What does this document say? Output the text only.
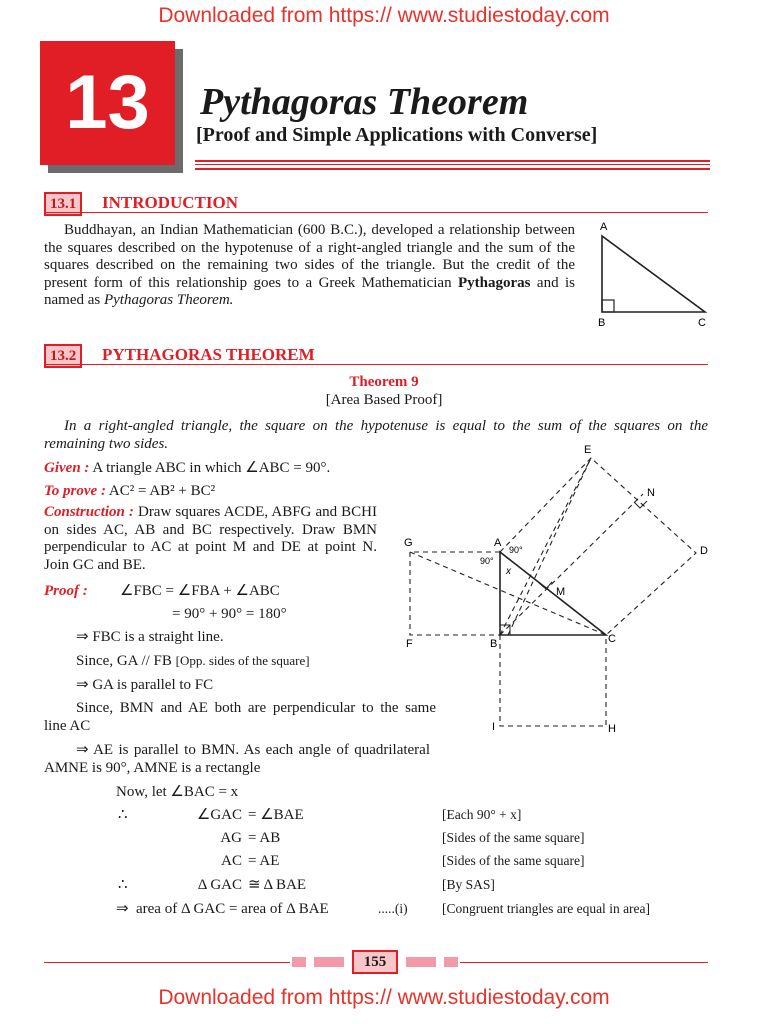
Downloaded from https:// www.studiestoday.com
13	Pythagoras Theorem
[Proof and Simple Applications with Converse]
13.1	INTRODUCTION
Buddhayan, an Indian Mathematician (600 B.C.), developed a relationship between the squares described on the hypotenuse of a right-angled triangle and the sum of the squares described on the remaining two sides of the triangle. But the credit of the present form of this relationship goes to a Greek Mathematician Pythagoras and is named as Pythagoras Theorem.
A
B	C
13.2	PYTHAGORAS THEOREM
Theorem 9
[Area Based Proof]
In a right-angled triangle, the square on the hypotenuse is equal to the sum of the squares on the remaining two sides.
Given : A triangle ABC in which ∠ABC = 90°.
To prove : AC² = AB² + BC²
Construction : Draw squares ACDE, ABFG and BCHI on sides AC, AB and BC respectively. Draw BMN perpendicular to AC at point M and DE at point N. Join GC and BE.
Proof : ∠FBC = ∠FBA + ∠ABC
= 90° + 90° = 180°
⇒ FBC is a straight line.
Since, GA // FB [Opp. sides of the square]
⇒ GA is parallel to FC
Since, BMN and AE both are perpendicular to the same line AC
⇒ AE is parallel to BMN. As each angle of quadrilateral AMNE is 90°, AMNE is a rectangle
Now, let ∠BAC = x
∴	∠GAC = ∠BAE	[Each 90° + x]
AG = AB	[Sides of the same square]
AC = AE	[Sides of the same square]
∴	Δ GAC ≅ Δ BAE	[By SAS]
⇒ area of Δ GAC = area of Δ BAE	.....(i)	[Congruent triangles are equal in area]
E
N
G	A
90°	D
90°
x
M
F	B	C
I	H
155
Downloaded from https:// www.studiestoday.com
